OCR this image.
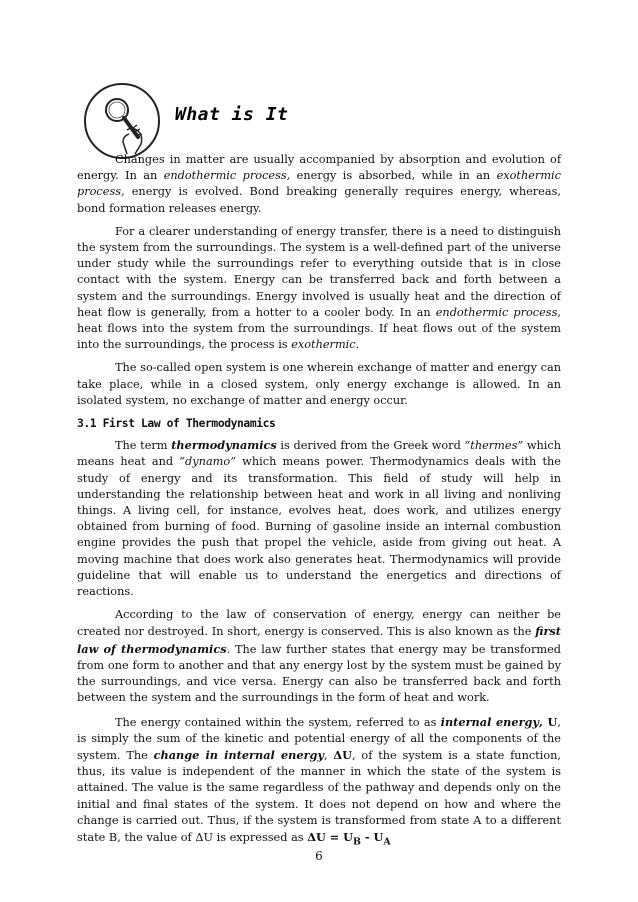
What is It

Changes in matter are usually accompanied by absorption and evolution of energy. In an endothermic process, energy is absorbed, while in an exothermic process, energy is evolved. Bond breaking generally requires energy, whereas, bond formation releases energy.

For a clearer understanding of energy transfer, there is a need to distinguish the system from the surroundings. The system is a well-defined part of the universe under study while the surroundings refer to everything outside that is in close contact with the system. Energy can be transferred back and forth between a system and the surroundings. Energy involved is usually heat and the direction of heat flow is generally, from a hotter to a cooler body. In an endothermic process, heat flows into the system from the surroundings. If heat flows out of the system into the surroundings, the process is exothermic.

The so-called open system is one wherein exchange of matter and energy can take place, while in a closed system, only energy exchange is allowed. In an isolated system, no exchange of matter and energy occur.

3.1 First Law of Thermodynamics

The term thermodynamics is derived from the Greek word “thermes” which means heat and “dynamo” which means power. Thermodynamics deals with the study of energy and its transformation. This field of study will help in understanding the relationship between heat and work in all living and nonliving things. A living cell, for instance, evolves heat, does work, and utilizes energy obtained from burning of food. Burning of gasoline inside an internal combustion engine provides the push that propel the vehicle, aside from giving out heat. A moving machine that does work also generates heat. Thermodynamics will provide guideline that will enable us to understand the energetics and directions of reactions.

According to the law of conservation of energy, energy can neither be created nor destroyed. In short, energy is conserved. This is also known as the first law of thermodynamics. The law further states that energy may be transformed from one form to another and that any energy lost by the system must be gained by the surroundings, and vice versa. Energy can also be transferred back and forth between the system and the surroundings in the form of heat and work.

The energy contained within the system, referred to as internal energy, U, is simply the sum of the kinetic and potential energy of all the components of the system. The change in internal energy, ΔU, of the system is a state function, thus, its value is independent of the manner in which the state of the system is attained. The value is the same regardless of the pathway and depends only on the initial and final states of the system. It does not depend on how and where the change is carried out. Thus, if the system is transformed from state A to a different state B, the value of ΔU is expressed as $\Delta U = U_B - U_A$

6
